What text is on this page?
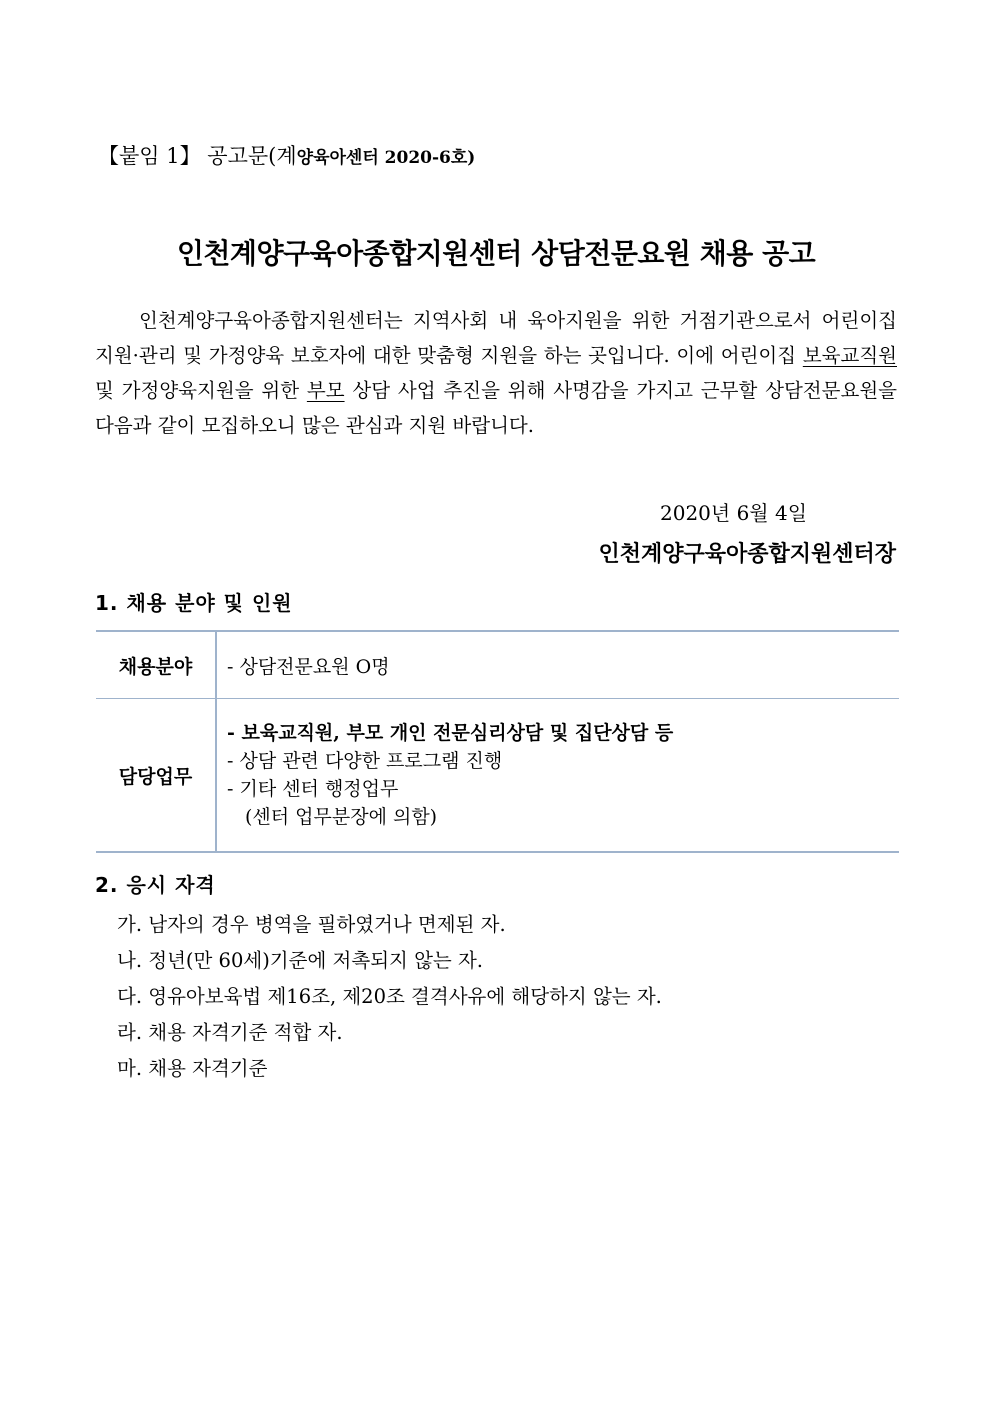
【붙임 1】 공고문(계양육아센터 2020-6호)
인천계양구육아종합지원센터 상담전문요원 채용 공고
인천계양구육아종합지원센터는 지역사회 내 육아지원을 위한 거점기관으로서 어린이집 지원·관리 및 가정양육 보호자에 대한 맞춤형 지원을 하는 곳입니다. 이에 어린이집 보육교직원 및 가정양육지원을 위한 부모 상담 사업 추진을 위해 사명감을 가지고 근무할 상담전문요원을 다음과 같이 모집하오니 많은 관심과 지원 바랍니다.
2020년 6월 4일
인천계양구육아종합지원센터장
1. 채용 분야 및 인원
채용분야	- 상담전문요원 O명
담당업무	- 보육교직원, 부모 개인 전문심리상담 및 집단상담 등
- 상담 관련 다양한 프로그램 진행
- 기타 센터 행정업무
(센터 업무분장에 의함)
2. 응시 자격
가. 남자의 경우 병역을 필하였거나 면제된 자.
나. 정년(만 60세)기준에 저촉되지 않는 자.
다. 영유아보육법 제16조, 제20조 결격사유에 해당하지 않는 자.
라. 채용 자격기준 적합 자.
마. 채용 자격기준
